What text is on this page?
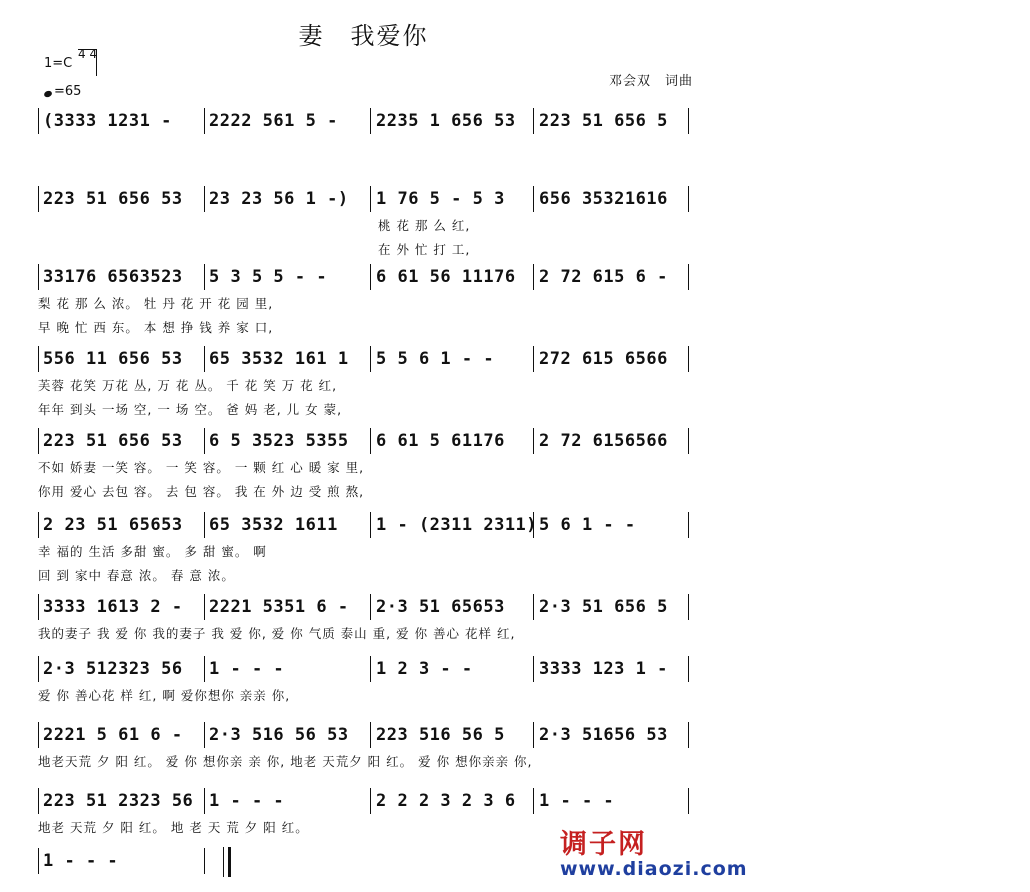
妻　我爱你
1=C
4 4
=65
邓会双　词曲
(3333 1231 - 2222 561 5 - 2235 1 656 53 223 51 656 5
223 51 656 53 23 23 56 1 -) 1 76 5 - 5 3 656 35321616
桃 花 那 么 红,
在 外 忙 打 工,
33176 6563523 5 3 5 5 - -	6 61 56 11176 2 72 615 6 -
梨 花 那 么 浓。 牡 丹 花 开 花 园 里,
早 晚 忙 西 东。 本 想 挣 钱 养 家 口,
556 11 656 53 65 3532 161 1 5 5 6 1 - -	272 615 6566
芙蓉 花笑 万花 丛, 万 花 丛。 千 花 笑 万 花 红,
年年 到头 一场 空, 一 场 空。 爸 妈 老, 儿 女 蒙,
223 51 656 53 6 5 3523 5355 6 61 5 61176 2 72 6156566
不如 娇妻 一笑 容。 一 笑 容。 一 颗 红 心 暖 家 里,
你用 爱心 去包 容。 去 包 容。 我 在 外 边 受 煎 熬,
2 23 51 65653 65 3532 1611 1 - (2311 2311) 5 6 1 - -
幸 福的 生活 多甜 蜜。 多 甜 蜜。 啊
回 到 家中 春意 浓。 春 意 浓。
3333 1613 2 - 2221 5351 6 - 2·3 51 65653 2·3 51 656 5
我的妻子 我 爱 你 我的妻子 我 爱 你, 爱 你 气质 泰山 重, 爱 你 善心 花样 红,
2·3 512323 56 1 - - -	1 2 3 - -	3333 123 1 -
爱 你 善心花 样 红, 啊 爱你想你 亲亲 你,
2221 5 61 6 - 2·3 516 56 53 223 516 56 5 2·3 51656 53
地老天荒 夕 阳 红。 爱 你 想你亲 亲 你, 地老 天荒夕 阳 红。 爱 你 想你亲亲 你,
223 51 2323 56 1 - - -	2 2 2 3 2 3 6 1 - - -
地老 天荒 夕 阳 红。 地 老 天 荒 夕 阳 红。
1 - - -
调子网
www.diaozi.com
